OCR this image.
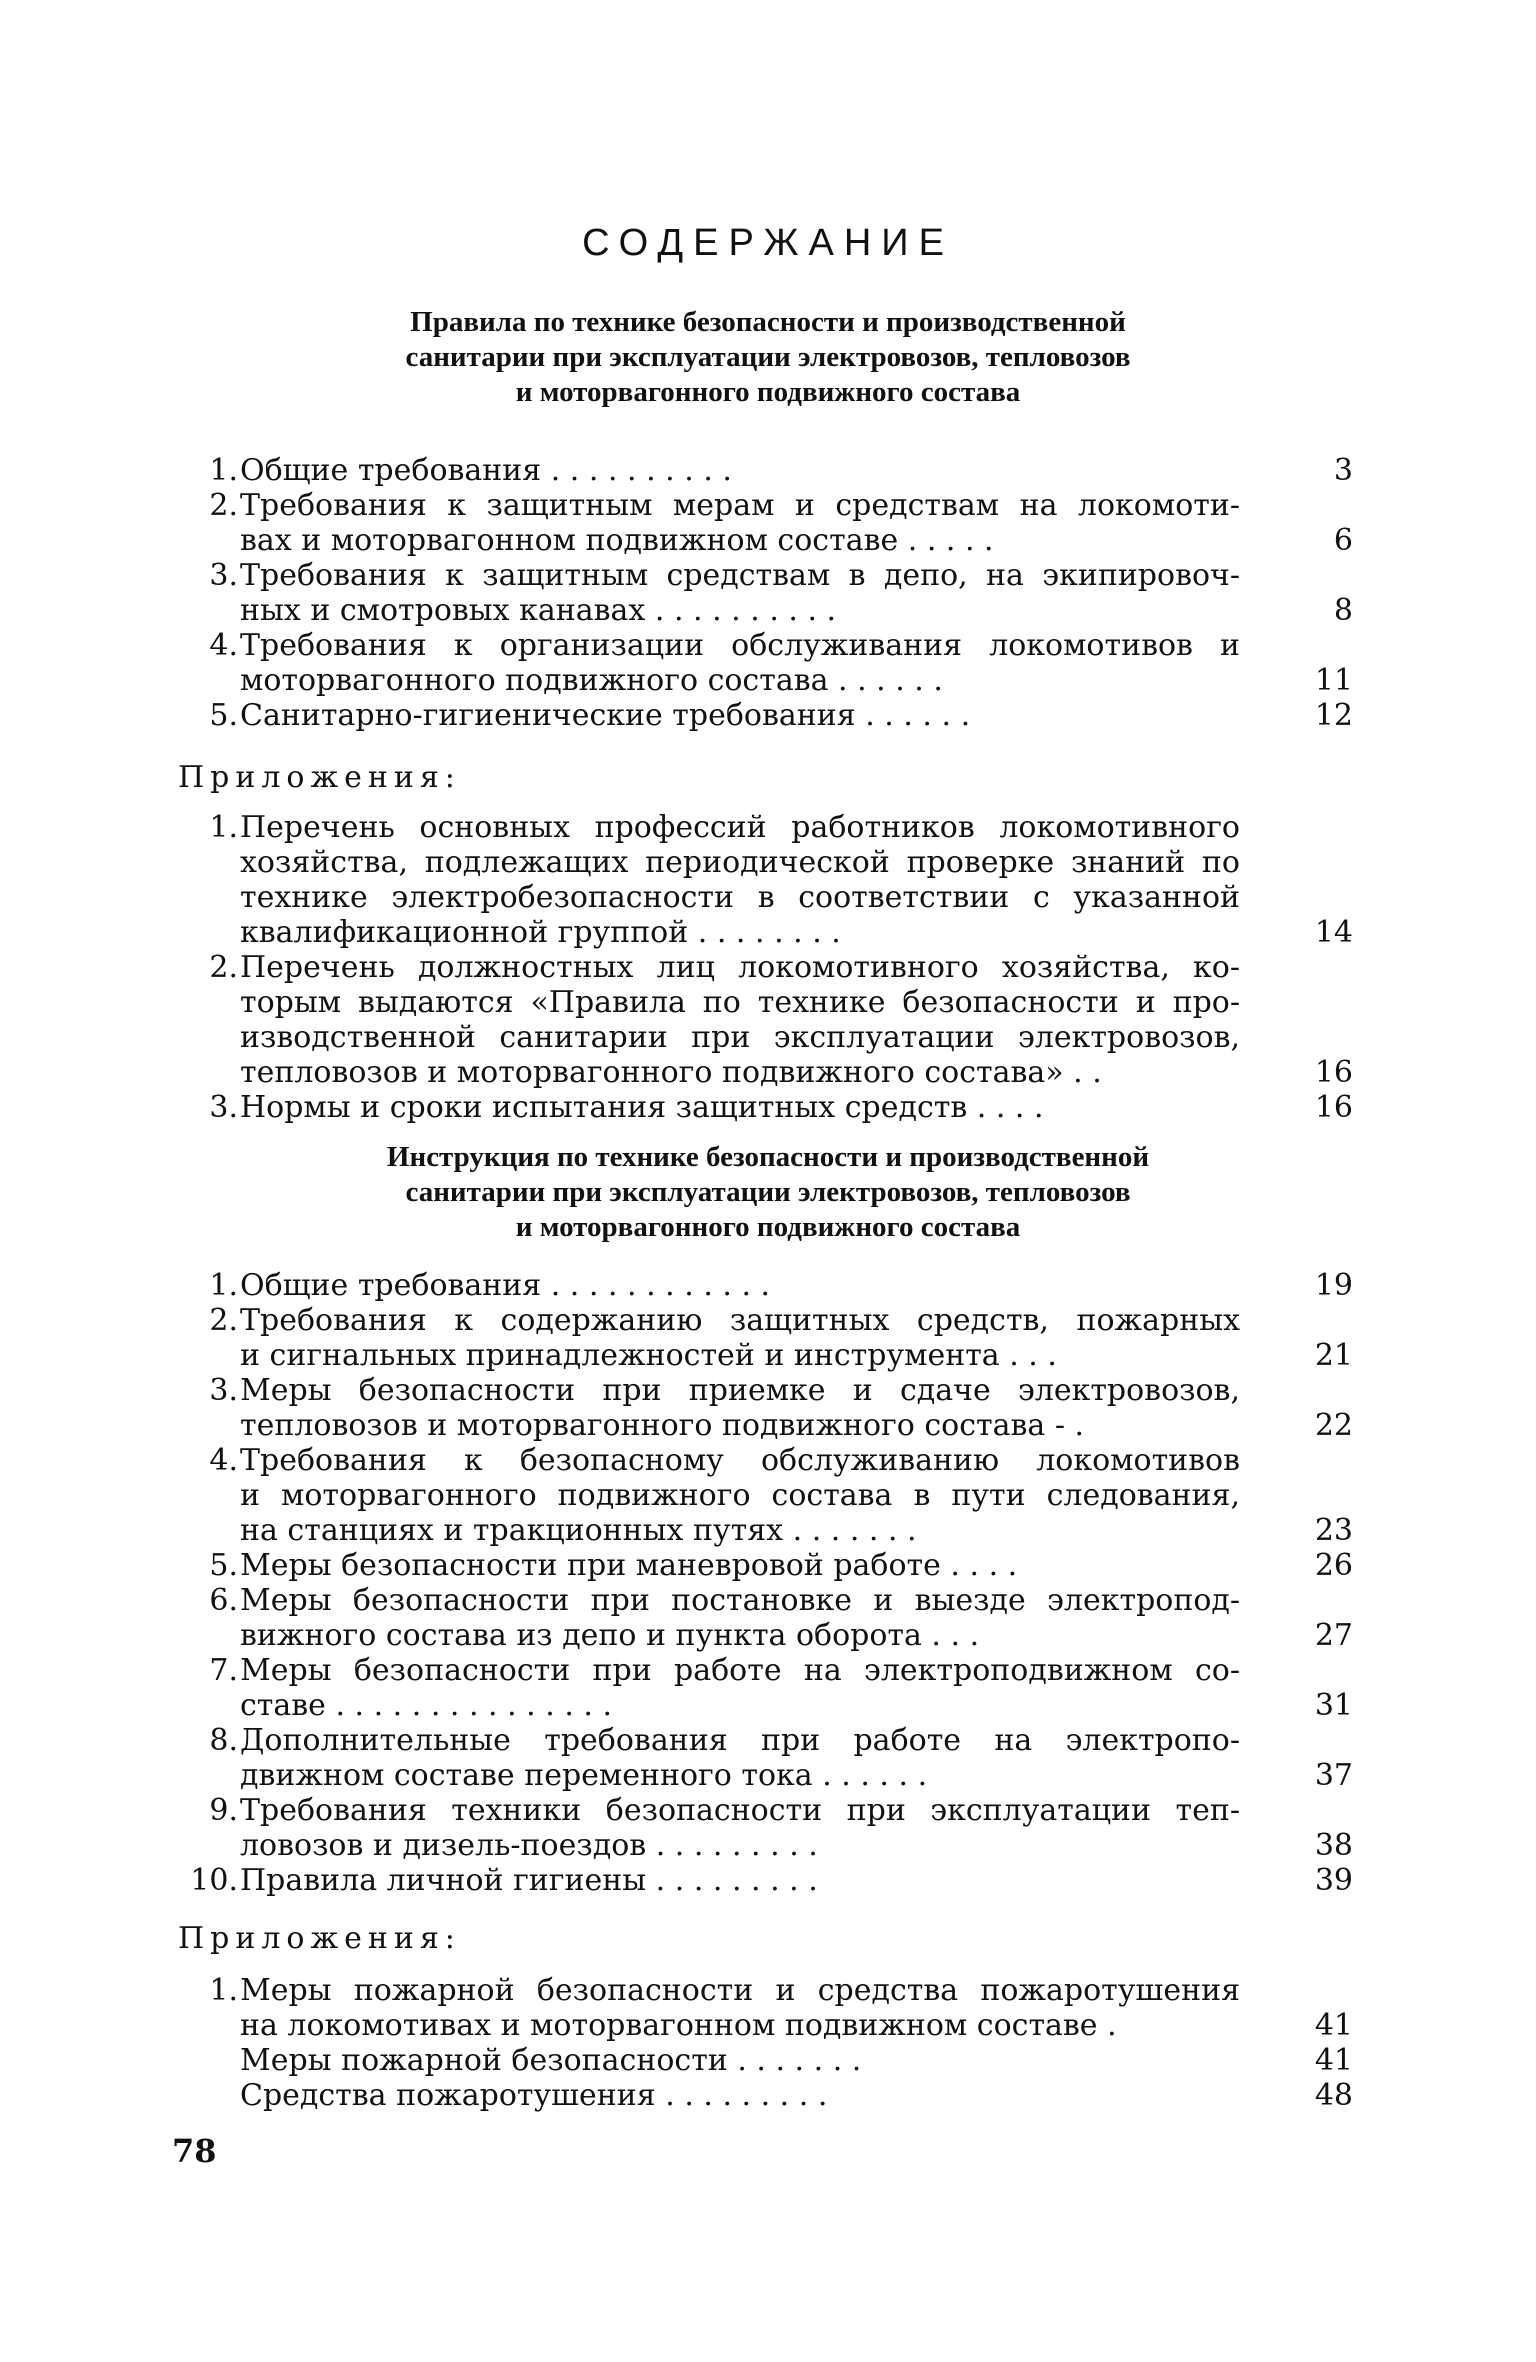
СОДЕРЖАНИЕ
Правила по технике безопасности и производственной
санитарии при эксплуатации электровозов, тепловозов
и моторвагонного подвижного состава
1. Общие требования . . . . . . . . . .	3
2. Требования к защитным мерам и средствам на локомоти-
вах и моторвагонном подвижном составе . . . . .	6
3. Требования к защитным средствам в депо, на экипировоч-
ных и смотровых канавах . . . . . . . . . .	8
4. Требования к организации обслуживания локомотивов и
моторвагонного подвижного состава . . . . . .	11
5. Санитарно-гигиенические требования . . . . . .	12
Приложения:
1. Перечень основных профессий работников локомотивного
хозяйства, подлежащих периодической проверке знаний по
технике электробезопасности в соответствии с указанной
квалификационной группой . . . . . . . .	14
2. Перечень должностных лиц локомотивного хозяйства, ко-
торым выдаются «Правила по технике безопасности и про-
изводственной санитарии при эксплуатации электровозов,
тепловозов и моторвагонного подвижного состава» . .	16
3. Нормы и сроки испытания защитных средств . . . .	16
Инструкция по технике безопасности и производственной
санитарии при эксплуатации электровозов, тепловозов
и моторвагонного подвижного состава
1. Общие требования . . . . . . . . . . . .	19
2. Требования к содержанию защитных средств, пожарных
и сигнальных принадлежностей и инструмента . . .	21
3. Меры безопасности при приемке и сдаче электровозов,
тепловозов и моторвагонного подвижного состава - .	22
4. Требования к безопасному обслуживанию локомотивов
и моторвагонного подвижного состава в пути следования,
на станциях и тракционных путях . . . . . . .	23
5. Меры безопасности при маневровой работе . . . .	26
6. Меры безопасности при постановке и выезде электропод-
вижного состава из депо и пункта оборота . . .	27
7. Меры безопасности при работе на электроподвижном со-
ставе . . . . . . . . . . . . . . .	31
8. Дополнительные требования при работе на электропо-
движном составе переменного тока . . . . . .	37
9. Требования техники безопасности при эксплуатации теп-
ловозов и дизель-поездов . . . . . . . . .	38
10. Правила личной гигиены . . . . . . . . .	39
Приложения:
1. Меры пожарной безопасности и средства пожаротушения
на локомотивах и моторвагонном подвижном составе .	41
Меры пожарной безопасности . . . . . . .	41
Средства пожаротушения . . . . . . . . .	48
78
